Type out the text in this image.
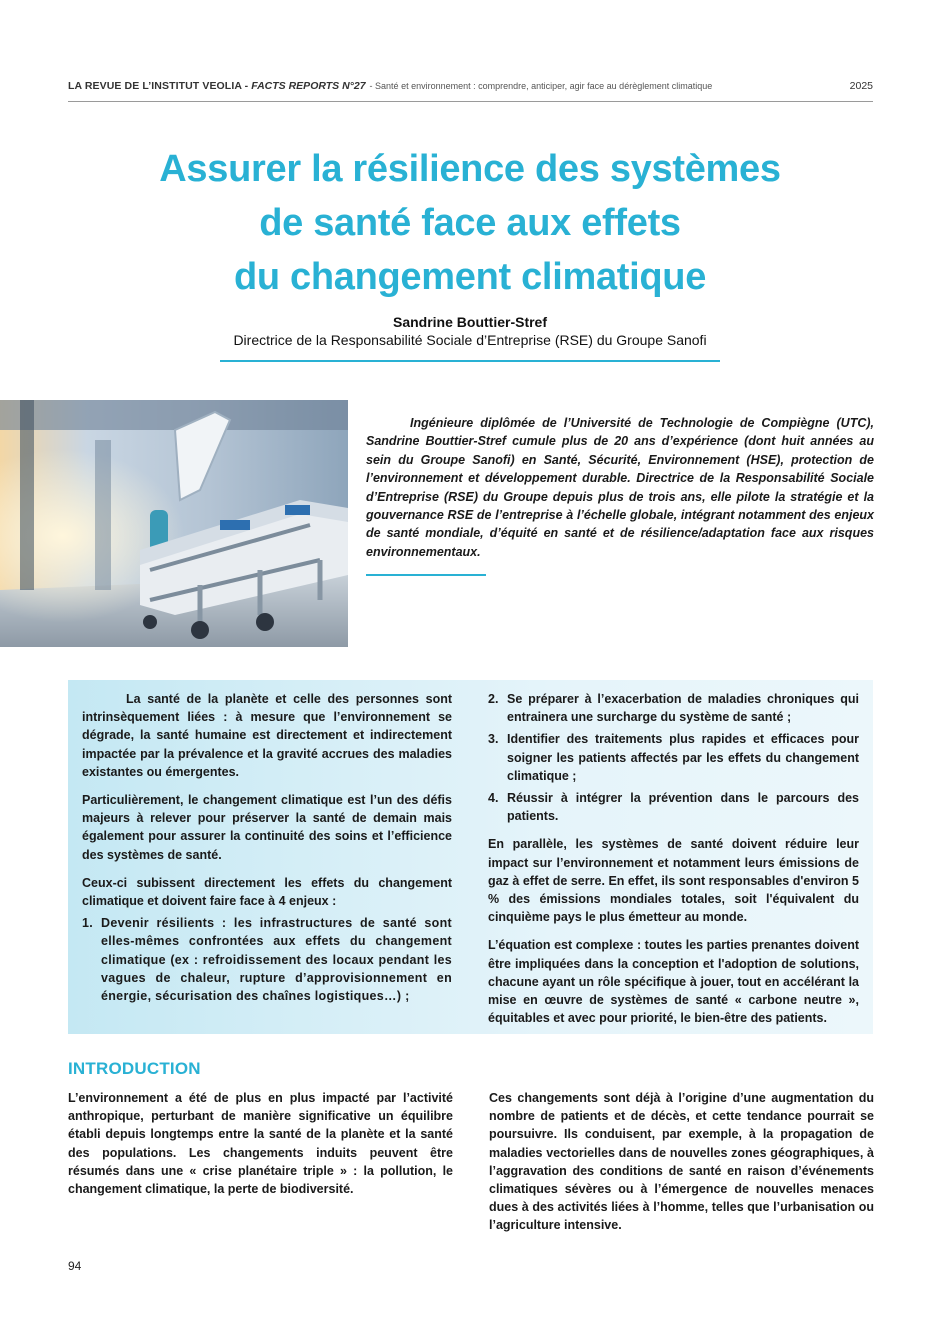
LA REVUE DE L’INSTITUT VEOLIA - FACTS REPORTS N°27 - Santé et environnement : comprendre, anticiper, agir face au dérèglement climatique	2025
Assurer la résilience des systèmes
de santé face aux effets
du changement climatique
Sandrine Bouttier-Stref
Directrice de la Responsabilité Sociale d’Entreprise (RSE) du Groupe Sanofi

Ingénieure diplômée de l’Université de Technologie de Compiègne (UTC), Sandrine Bouttier-Stref cumule plus de 20 ans d’expérience (dont huit années au sein du Groupe Sanofi) en Santé, Sécurité, Environnement (HSE), protection de l’environnement et développement durable. Directrice de la Responsabilité Sociale d’Entreprise (RSE) du Groupe depuis plus de trois ans, elle pilote la stratégie et la gouvernance RSE de l’entreprise à l’échelle globale, intégrant notamment des enjeux de santé mondiale, d’équité en santé et de résilience/adaptation face aux risques environnementaux.

La santé de la planète et celle des personnes sont intrinsèquement liées : à mesure que l’environnement se dégrade, la santé humaine est directement et indirectement impactée par la prévalence et la gravité accrues des maladies existantes ou émergentes.

Particulièrement, le changement climatique est l’un des défis majeurs à relever pour préserver la santé de demain mais également pour assurer la continuité des soins et l’efficience des systèmes de santé.

Ceux-ci subissent directement les effets du changement climatique et doivent faire face à 4 enjeux :

1. Devenir résilients : les infrastructures de santé sont elles-mêmes confrontées aux effets du changement climatique (ex : refroidissement des locaux pendant les vagues de chaleur, rupture d’approvisionnement en énergie, sécurisation des chaînes logistiques…) ;
2. Se préparer à l’exacerbation de maladies chroniques qui entrainera une surcharge du système de santé ;
3. Identifier des traitements plus rapides et efficaces pour soigner les patients affectés par les effets du changement climatique ;
4. Réussir à intégrer la prévention dans le parcours des patients.

En parallèle, les systèmes de santé doivent réduire leur impact sur l’environnement et notamment leurs émissions de gaz à effet de serre. En effet, ils sont responsables d'environ 5 % des émissions mondiales totales, soit l'équivalent du cinquième pays le plus émetteur au monde.

L’équation est complexe : toutes les parties prenantes doivent être impliquées dans la conception et l'adoption de solutions, chacune ayant un rôle spécifique à jouer, tout en accélérant la mise en œuvre de systèmes de santé « carbone neutre », équitables et avec pour priorité, le bien-être des patients.

INTRODUCTION

L’environnement a été de plus en plus impacté par l’activité anthropique, perturbant de manière significative un équilibre établi depuis longtemps entre la santé de la planète et la santé des populations. Les changements induits peuvent être résumés dans une « crise planétaire triple » : la pollution, le changement climatique, la perte de biodiversité.

Ces changements sont déjà à l’origine d’une augmentation du nombre de patients et de décès, et cette tendance pourrait se poursuivre. Ils conduisent, par exemple, à la propagation de maladies vectorielles dans de nouvelles zones géographiques, à l’aggravation des conditions de santé en raison d’événements climatiques sévères ou à l’émergence de nouvelles menaces dues à des activités liées à l’homme, telles que l’urbanisation ou l’agriculture intensive.

94
